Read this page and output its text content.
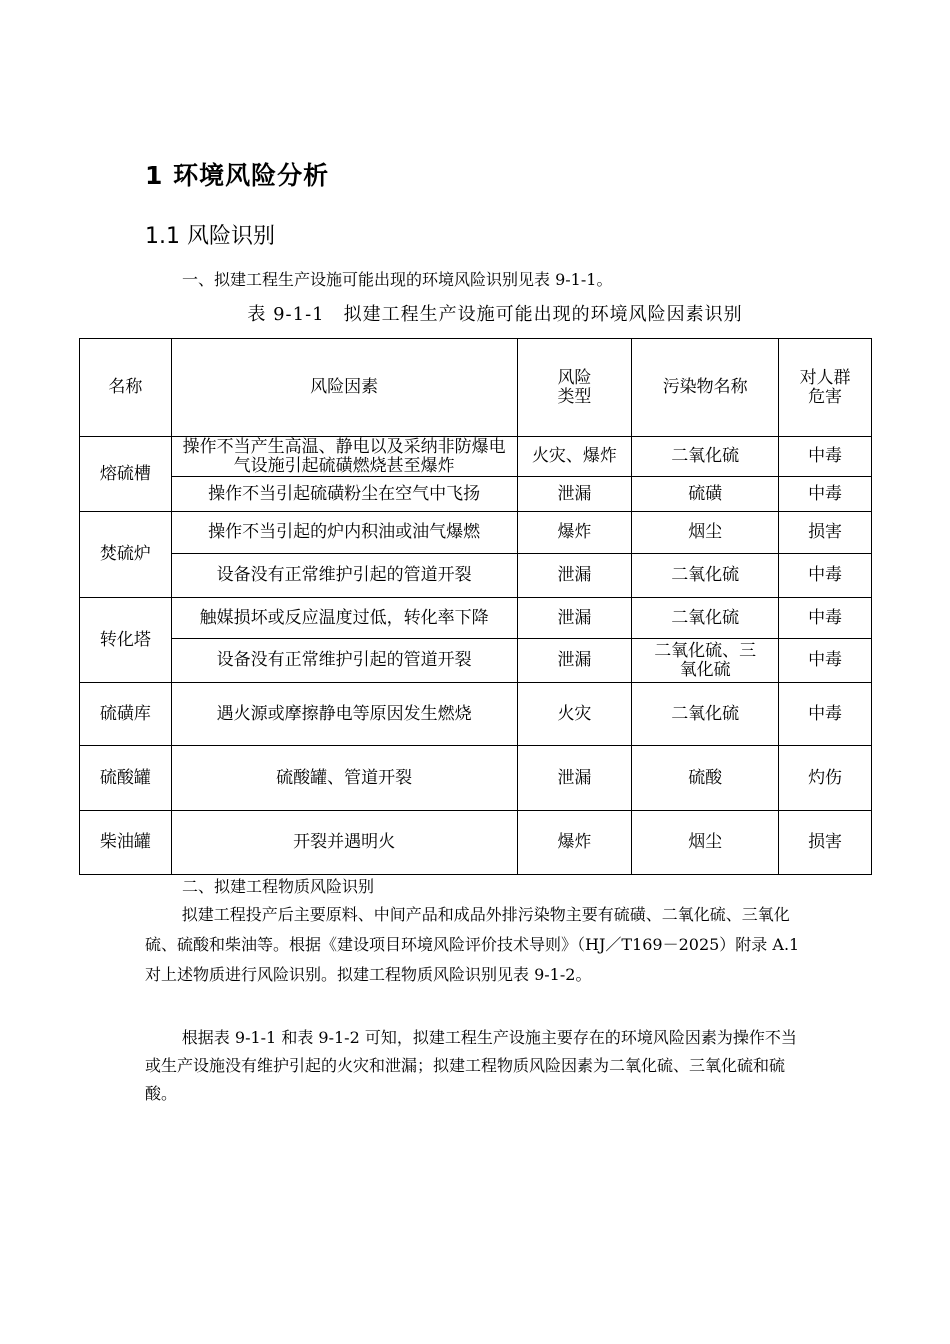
1 环境风险分析
1.1 风险识别
一、拟建工程生产设施可能出现的环境风险识别见表 9-1-1。
表 9-1-1　拟建工程生产设施可能出现的环境风险因素识别
名称	风险因素	风险类型	污染物名称	对人群危害

熔硫槽	操作不当产生高温、静电以及采纳非防爆电气设施引起硫磺燃烧甚至爆炸	火灾、爆炸	二氧化硫	中毒
	操作不当引起硫磺粉尘在空气中飞扬	泄漏	硫磺	中毒
焚硫炉	操作不当引起的炉内积油或油气爆燃	爆炸	烟尘	损害
	设备没有正常维护引起的管道开裂	泄漏	二氧化硫	中毒
转化塔	触媒损坏或反应温度过低，转化率下降	泄漏	二氧化硫	中毒
	设备没有正常维护引起的管道开裂	泄漏	二氧化硫、三氧化硫	中毒
硫磺库	遇火源或摩擦静电等原因发生燃烧	火灾	二氧化硫	中毒
硫酸罐	硫酸罐、管道开裂	泄漏	硫酸	灼伤
柴油罐	开裂并遇明火	爆炸	烟尘	损害
二、拟建工程物质风险识别
拟建工程投产后主要原料、中间产品和成品外排污染物主要有硫磺、二氧化硫、三氧化硫、硫酸和柴油等。根据《建设项目环境风险评价技术导则》（HJ／T169－2025）附录 A.1 对上述物质进行风险识别。拟建工程物质风险识别见表 9-1-2。
根据表 9-1-1 和表 9-1-2 可知，拟建工程生产设施主要存在的环境风险因素为操作不当或生产设施没有维护引起的火灾和泄漏；拟建工程物质风险因素为二氧化硫、三氧化硫和硫酸。
